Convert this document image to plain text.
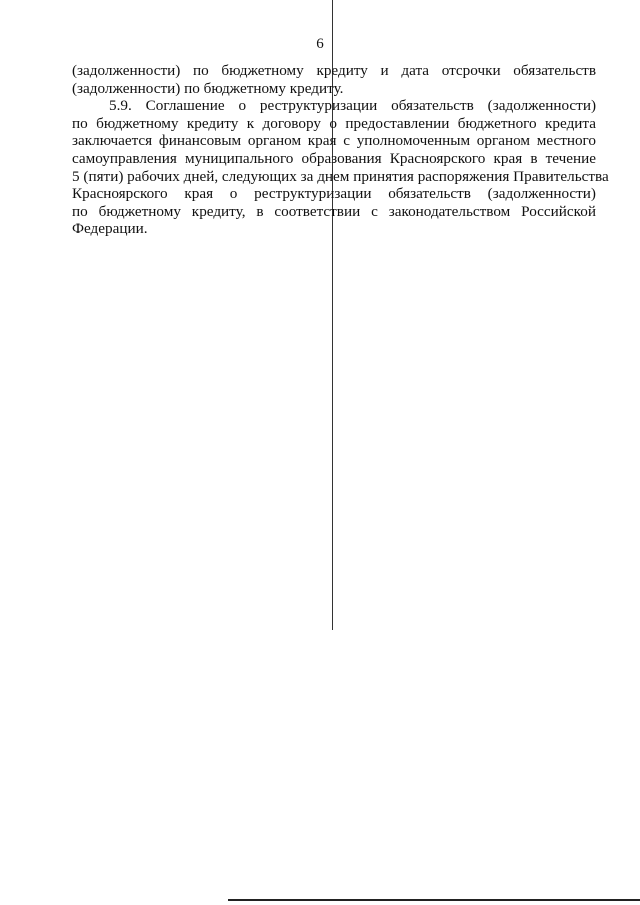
6
(задолженности) по бюджетному кредиту и дата отсрочки обязательств
(задолженности) по бюджетному кредиту.
5.9. Соглашение о реструктуризации обязательств (задолженности)
по бюджетному кредиту к договору о предоставлении бюджетного кредита
заключается финансовым органом края с уполномоченным органом местного
самоуправления муниципального образования Красноярского края в течение
5 (пяти) рабочих дней, следующих за днем принятия распоряжения Правительства
Красноярского края о реструктуризации обязательств (задолженности)
по бюджетному кредиту, в соответствии с законодательством Российской
Федерации.
